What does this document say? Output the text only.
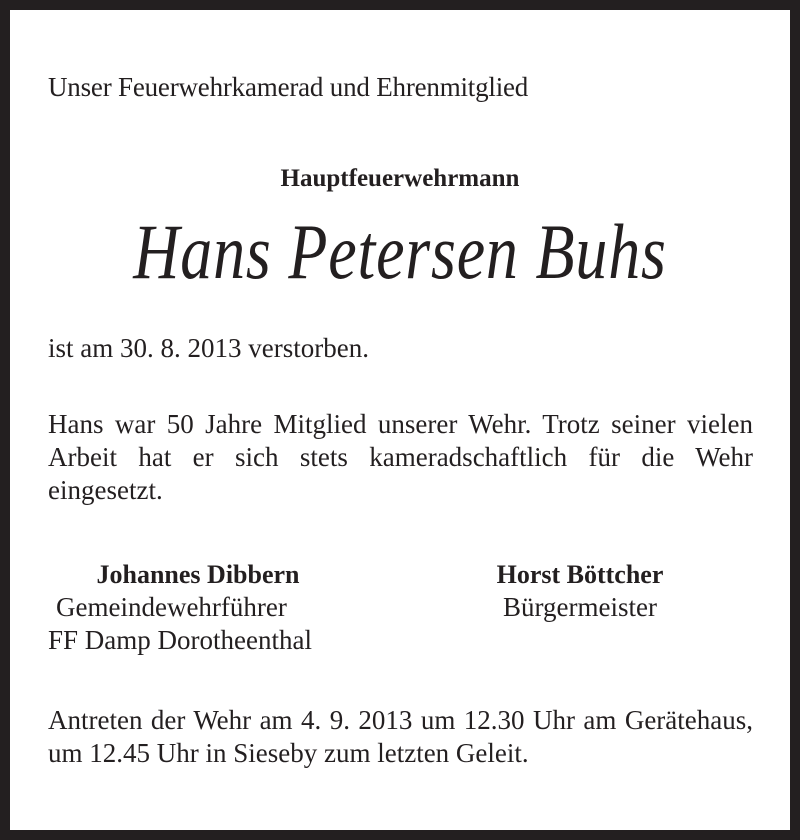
Unser Feuerwehrkamerad und Ehrenmitglied

Hauptfeuerwehrmann

Hans Petersen Buhs

ist am 30. 8. 2013 verstorben.

Hans war 50 Jahre Mitglied unserer Wehr. Trotz seiner vielen Arbeit hat er sich stets kameradschaftlich für die Wehr eingesetzt.

Johannes Dibbern
Gemeindewehrführer
FF Damp Dorotheenthal
Horst Böttcher
Bürgermeister

Antreten der Wehr am 4. 9. 2013 um 12.30 Uhr am Gerätehaus, um 12.45 Uhr in Sieseby zum letzten Geleit.
